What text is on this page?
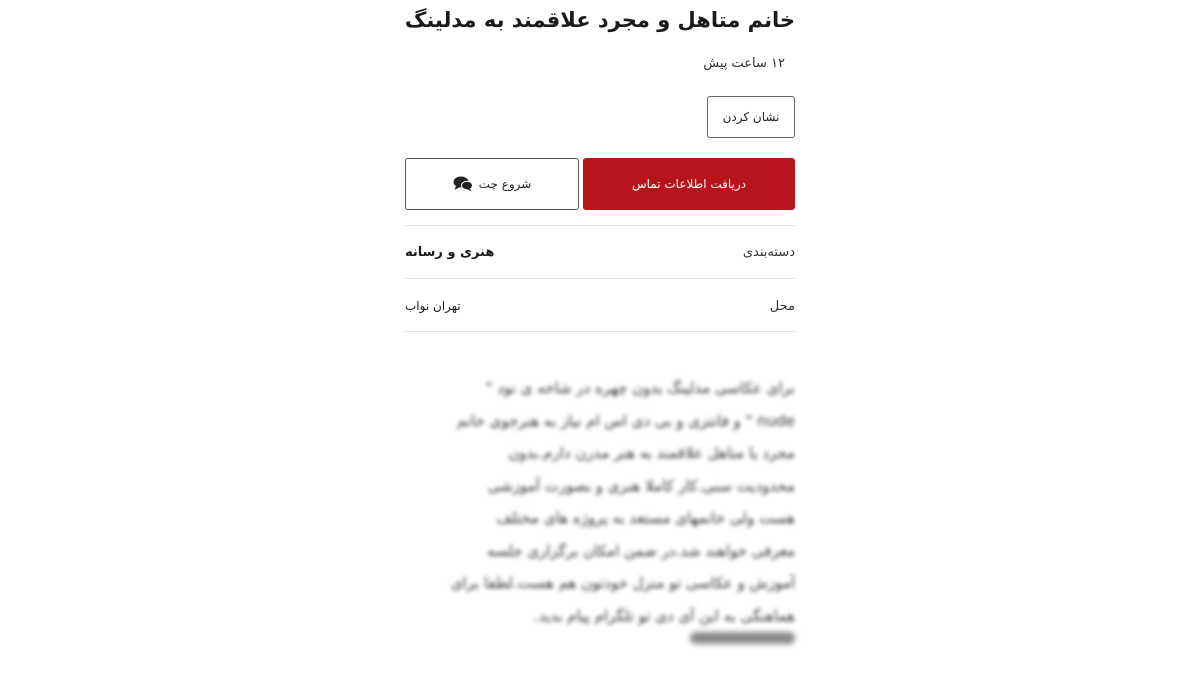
خانم متاهل و مجرد علاقمند به مدلینگ
۱۲ ساعت پیش
نشان کردن
دریافت اطلاعات تماس
شروع چت
دسته‌بندی
هنری و رسانه
محل
تهران نواب
برای عکاسی مدلینگ بدون چهره در شاخه ی نود "
nude " و فانتزی و بی دی اس ام نیاز به هنرجوی خانم
مجرد یا متاهل علاقمند به هنر مدرن دارم.بدون
محدودیت سنی.کار کاملا هنری و بصورت آموزشی
هست ولی خانمهای مستعد به پروژه های مختلف
معرفی خواهند شد.در ضمن امکان برگزاری جلسه
آموزش و عکاسی تو منزل خودتون هم هست.لطفا برای
هماهنگی به این آی دی تو تلگرام پیام بدید.
